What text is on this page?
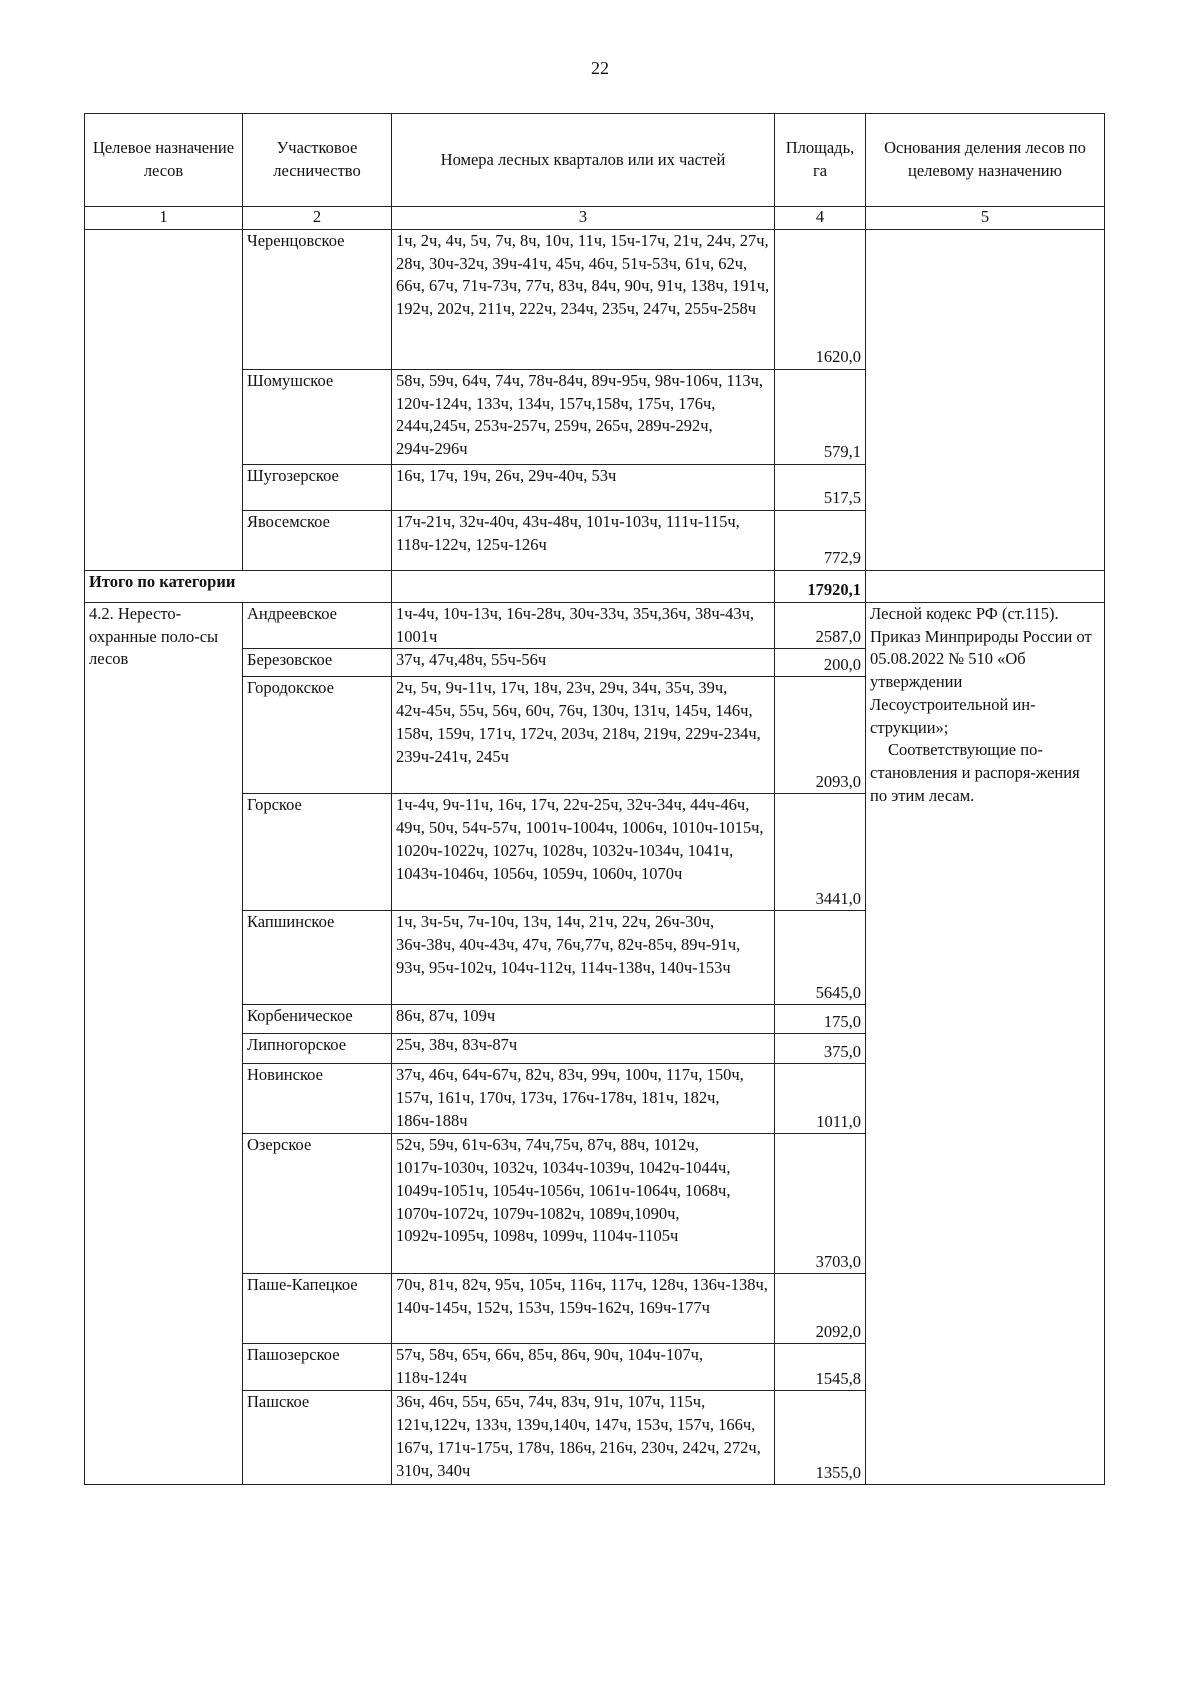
22
Целевое назначение лесов	Участковое лесничество	Номера лесных кварталов или их частей	Площадь, га	Основания деления лесов по целевому назначению
1	2	3	4	5
	Черенцовское	1ч, 2ч, 4ч, 5ч, 7ч, 8ч, 10ч, 11ч, 15ч-17ч, 21ч, 24ч, 27ч, 28ч, 30ч-32ч, 39ч-41ч, 45ч, 46ч, 51ч-53ч, 61ч, 62ч, 66ч, 67ч, 71ч-73ч, 77ч, 83ч, 84ч, 90ч, 91ч, 138ч, 191ч, 192ч, 202ч, 211ч, 222ч, 234ч, 235ч, 247ч, 255ч-258ч	1620,0	
	Шомушское	58ч, 59ч, 64ч, 74ч, 78ч-84ч, 89ч-95ч, 98ч-106ч, 113ч, 120ч-124ч, 133ч, 134ч, 157ч,158ч, 175ч, 176ч, 244ч,245ч, 253ч-257ч, 259ч, 265ч, 289ч-292ч, 294ч-296ч	579,1	
	Шугозерское	16ч, 17ч, 19ч, 26ч, 29ч-40ч, 53ч	517,5	
	Явосемское	17ч-21ч, 32ч-40ч, 43ч-48ч, 101ч-103ч, 111ч-115ч, 118ч-122ч, 125ч-126ч	772,9	
Итого по категории			17920,1	
4.2. Нересто-охранные поло-сы лесов	Андреевское	1ч-4ч, 10ч-13ч, 16ч-28ч, 30ч-33ч, 35ч,36ч, 38ч-43ч, 1001ч	2587,0	Лесной кодекс РФ (ст.115).

Приказ Минприроды России от 05.08.2022 № 510 «Об утверждении Лесоустроительной ин-струкции»;

Соответствующие по-становления и распоря-жения по этим лесам.

	Березовское	37ч, 47ч,48ч, 55ч-56ч	200,0	
	Городокское	2ч, 5ч, 9ч-11ч, 17ч, 18ч, 23ч, 29ч, 34ч, 35ч, 39ч, 42ч-45ч, 55ч, 56ч, 60ч, 76ч, 130ч, 131ч, 145ч, 146ч, 158ч, 159ч, 171ч, 172ч, 203ч, 218ч, 219ч, 229ч-234ч, 239ч-241ч, 245ч	2093,0	
	Горское	1ч-4ч, 9ч-11ч, 16ч, 17ч, 22ч-25ч, 32ч-34ч, 44ч-46ч, 49ч, 50ч, 54ч-57ч, 1001ч-1004ч, 1006ч, 1010ч-1015ч, 1020ч-1022ч, 1027ч, 1028ч, 1032ч-1034ч, 1041ч, 1043ч-1046ч, 1056ч, 1059ч, 1060ч, 1070ч	3441,0	
	Капшинское	1ч, 3ч-5ч, 7ч-10ч, 13ч, 14ч, 21ч, 22ч, 26ч-30ч, 36ч-38ч, 40ч-43ч, 47ч, 76ч,77ч, 82ч-85ч, 89ч-91ч, 93ч, 95ч-102ч, 104ч-112ч, 114ч-138ч, 140ч-153ч	5645,0	
	Корбеничеcкое	86ч, 87ч, 109ч	175,0	
	Липногорское	25ч, 38ч, 83ч-87ч	375,0	
	Новинское	37ч, 46ч, 64ч-67ч, 82ч, 83ч, 99ч, 100ч, 117ч, 150ч, 157ч, 161ч, 170ч, 173ч, 176ч-178ч, 181ч, 182ч, 186ч-188ч	1011,0	
	Озерское	52ч, 59ч, 61ч-63ч, 74ч,75ч, 87ч, 88ч, 1012ч, 1017ч-1030ч, 1032ч, 1034ч-1039ч, 1042ч-1044ч, 1049ч-1051ч, 1054ч-1056ч, 1061ч-1064ч, 1068ч, 1070ч-1072ч, 1079ч-1082ч, 1089ч,1090ч, 1092ч-1095ч, 1098ч, 1099ч, 1104ч-1105ч	3703,0	
	Паше-Капецкое	70ч, 81ч, 82ч, 95ч, 105ч, 116ч, 117ч, 128ч, 136ч-138ч, 140ч-145ч, 152ч, 153ч, 159ч-162ч, 169ч-177ч	2092,0	
	Пашозерское	57ч, 58ч, 65ч, 66ч, 85ч, 86ч, 90ч, 104ч-107ч, 118ч-124ч	1545,8	
	Пашское	36ч, 46ч, 55ч, 65ч, 74ч, 83ч, 91ч, 107ч, 115ч, 121ч,122ч, 133ч, 139ч,140ч, 147ч, 153ч, 157ч, 166ч, 167ч, 171ч-175ч, 178ч, 186ч, 216ч, 230ч, 242ч, 272ч, 310ч, 340ч	1355,0	
